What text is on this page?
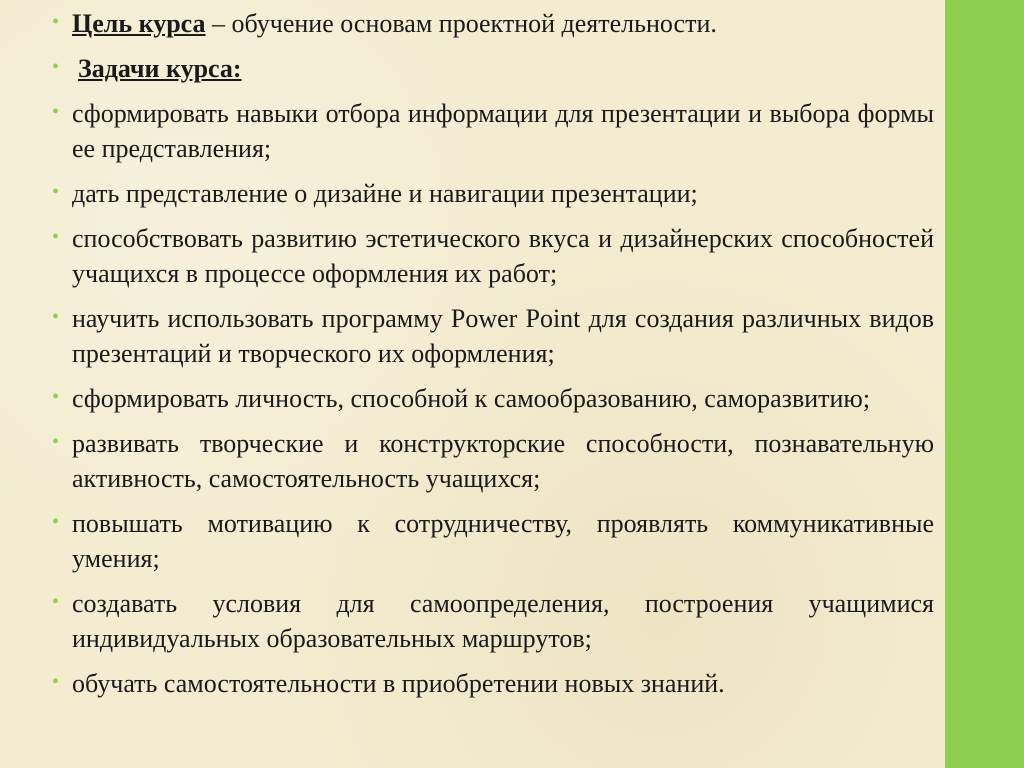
• Цель курса – обучение основам проектной деятельности.
• Задачи курса:
• сформировать навыки отбора информации для презентации и выбора формы ее представления;
• дать представление о дизайне и навигации презентации;
• способствовать развитию эстетического вкуса и дизайнерских способностей учащихся в процессе оформления их работ;
• научить использовать программу Power Point для создания различных видов презентаций и творческого их оформления;
• сформировать личность, способной к самообразованию, саморазвитию;
• развивать творческие и конструкторские способности, познавательную активность, самостоятельность учащихся;
• повышать мотивацию к сотрудничеству, проявлять коммуникативные умения;
• создавать условия для самоопределения, построения учащимися индивидуальных образовательных маршрутов;
• обучать самостоятельности в приобретении новых знаний.
